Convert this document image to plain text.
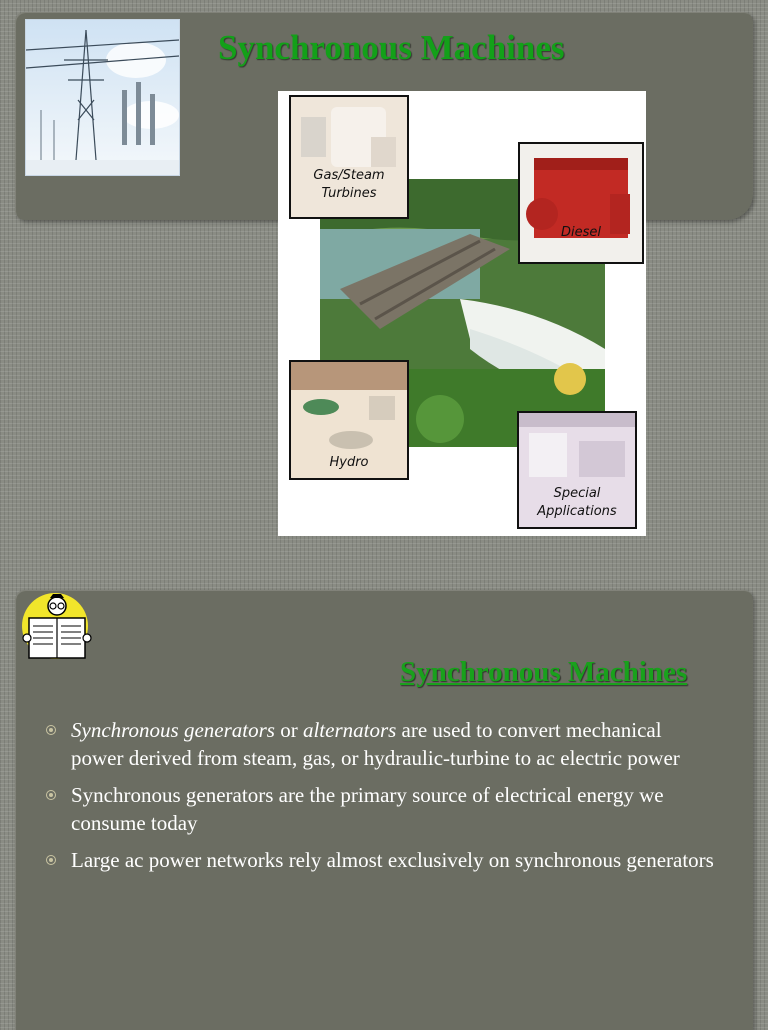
Synchronous Machines
Gas/Steam
Turbines
Diesel
Hydro
Special
Applications
Synchronous Machines
Synchronous generators or alternators are used to convert mechanical power derived from steam, gas, or hydraulic-turbine to ac electric power
Synchronous generators are the primary source of electrical energy we consume today
Large ac power networks rely almost exclusively on synchronous generators
